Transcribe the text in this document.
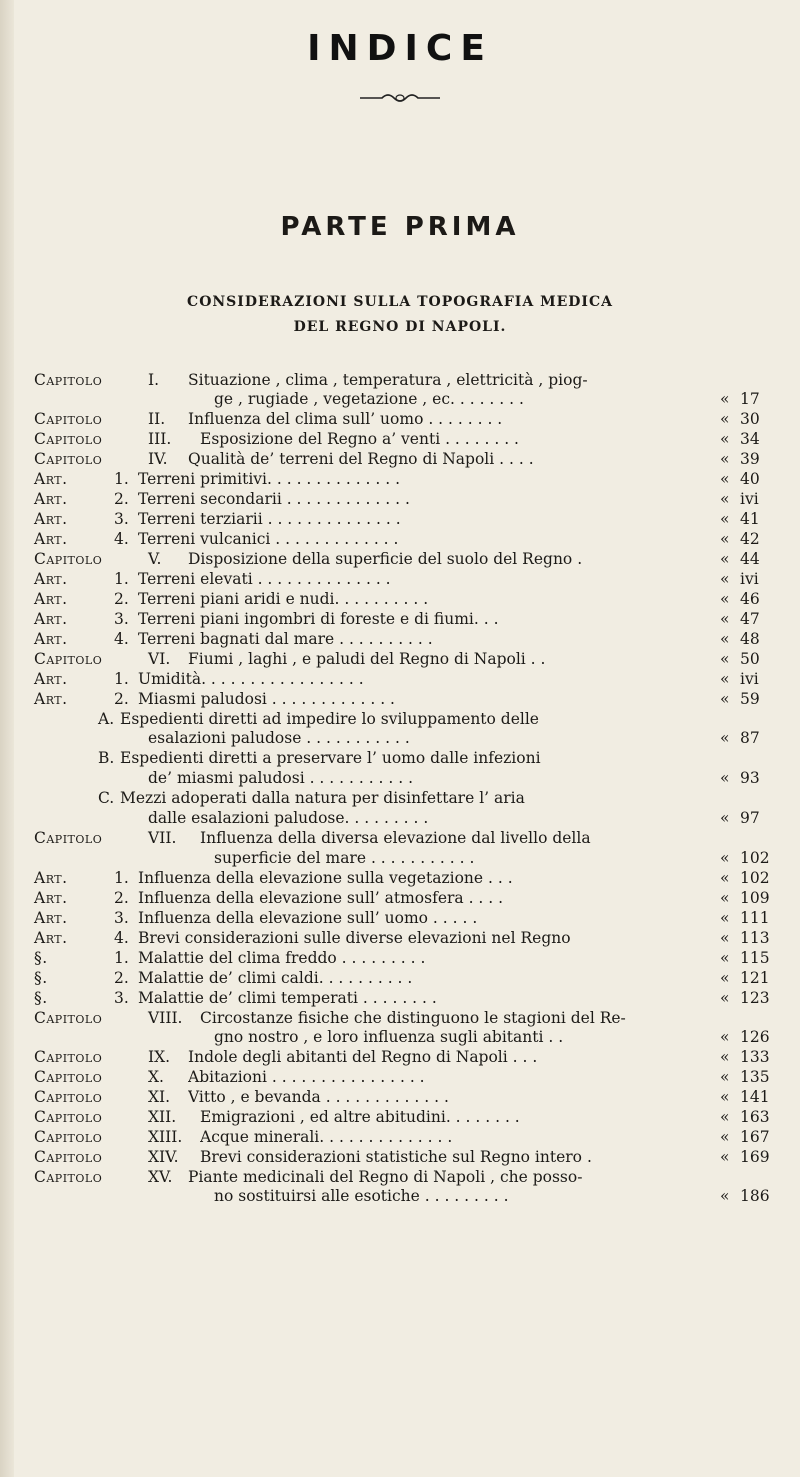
INDICE
PARTE PRIMA
CONSIDERAZIONI SULLA TOPOGRAFIA MEDICA
DEL REGNO DI NAPOLI.
Capitolo	I. Situazione , clima , temperatura , elettricità , piog-
ge , rugiade , vegetazione , ec. . . . . . . .	« 17
Capitolo	II. Influenza del clima sull’ uomo . . . . . . . .	« 30
Capitolo	III. Esposizione del Regno a’ venti . . . . . . . .	« 34
Capitolo	IV. Qualità de’ terreni del Regno di Napoli . . . .	« 39
Art.	1. Terreni primitivi. . . . . . . . . . . . . .	« 40
Art.	2. Terreni secondarii . . . . . . . . . . . . .	« ivi
Art.	3. Terreni terziarii . . . . . . . . . . . . . .	« 41
Art.	4. Terreni vulcanici . . . . . . . . . . . . .	« 42
Capitolo	V. Disposizione della superficie del suolo del Regno .	« 44
Art.	1. Terreni elevati . . . . . . . . . . . . . .	« ivi
Art.	2. Terreni piani aridi e nudi. . . . . . . . . .	« 46
Art.	3. Terreni piani ingombri di foreste e di fiumi. . .	« 47
Art.	4. Terreni bagnati dal mare . . . . . . . . . .	« 48
Capitolo	VI. Fiumi , laghi , e paludi del Regno di Napoli . .	« 50
Art.	1. Umidità. . . . . . . . . . . . . . . . .	« ivi
Art.	2. Miasmi paludosi . . . . . . . . . . . . .	« 59
A. Espedienti diretti ad impedire lo sviluppamento delle
esalazioni paludose . . . . . . . . . . .	« 87
B. Espedienti diretti a preservare l’ uomo dalle infezioni
de’ miasmi paludosi . . . . . . . . . . .	« 93
C. Mezzi adoperati dalla natura per disinfettare l’ aria
dalle esalazioni paludose. . . . . . . . .	« 97
Capitolo	VII. Influenza della diversa elevazione dal livello della
superficie del mare . . . . . . . . . . .	« 102
Art.	1. Influenza della elevazione sulla vegetazione . . .	« 102
Art.	2. Influenza della elevazione sull’ atmosfera . . . .	« 109
Art.	3. Influenza della elevazione sull’ uomo . . . . .	« 111
Art.	4. Brevi considerazioni sulle diverse elevazioni nel Regno	« 113
§.	1. Malattie del clima freddo . . . . . . . . .	« 115
§.	2. Malattie de’ climi caldi. . . . . . . . . .	« 121
§.	3. Malattie de’ climi temperati . . . . . . . .	« 123
Capitolo	VIII. Circostanze fisiche che distinguono le stagioni del Re-
gno nostro , e loro influenza sugli abitanti . .	« 126
Capitolo	IX. Indole degli abitanti del Regno di Napoli . . .	« 133
Capitolo	X. Abitazioni . . . . . . . . . . . . . . . .	« 135
Capitolo	XI. Vitto , e bevanda . . . . . . . . . . . . .	« 141
Capitolo	XII. Emigrazioni , ed altre abitudini. . . . . . . .	« 163
Capitolo	XIII. Acque minerali. . . . . . . . . . . . . .	« 167
Capitolo	XIV. Brevi considerazioni statistiche sul Regno intero .	« 169
Capitolo	XV. Piante medicinali del Regno di Napoli , che posso-
no sostituirsi alle esotiche . . . . . . . . .	« 186
